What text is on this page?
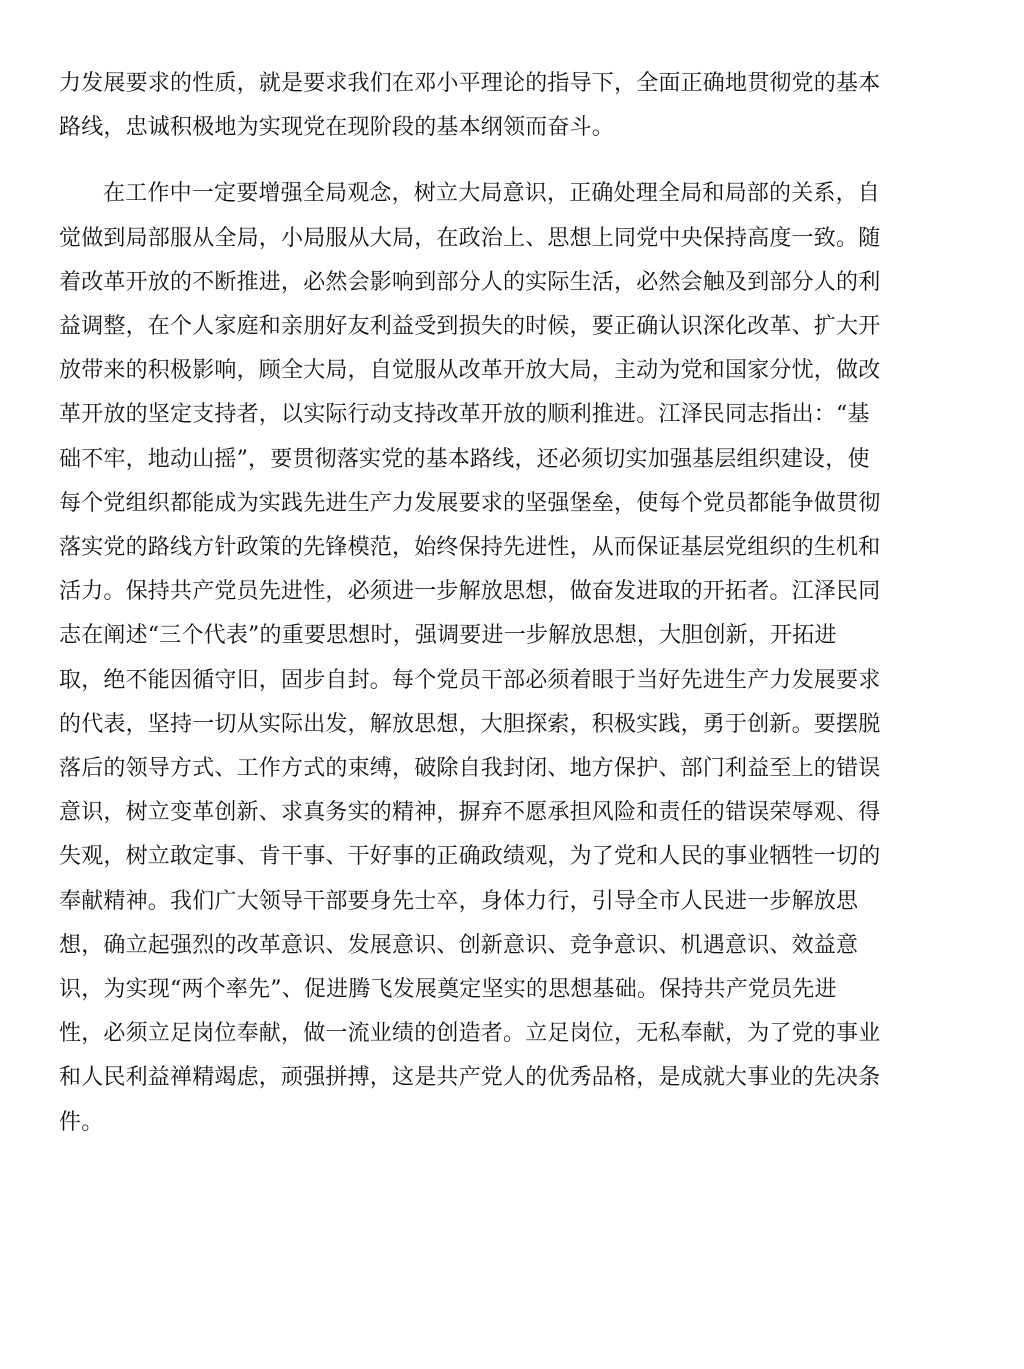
力发展要求的性质，就是要求我们在邓小平理论的指导下，全面正确地贯彻党的基本
路线，忠诚积极地为实现党在现阶段的基本纲领而奋斗。

在工作中一定要增强全局观念，树立大局意识，正确处理全局和局部的关系，自
觉做到局部服从全局，小局服从大局，在政治上、思想上同党中央保持高度一致。随
着改革开放的不断推进，必然会影响到部分人的实际生活，必然会触及到部分人的利
益调整，在个人家庭和亲朋好友利益受到损失的时候，要正确认识深化改革、扩大开
放带来的积极影响，顾全大局，自觉服从改革开放大局，主动为党和国家分忧，做改
革开放的坚定支持者，以实际行动支持改革开放的顺利推进。江泽民同志指出：“基
础不牢，地动山摇”，要贯彻落实党的基本路线，还必须切实加强基层组织建设，使
每个党组织都能成为实践先进生产力发展要求的坚强堡垒，使每个党员都能争做贯彻
落实党的路线方针政策的先锋模范，始终保持先进性，从而保证基层党组织的生机和
活力。保持共产党员先进性，必须进一步解放思想，做奋发进取的开拓者。江泽民同
志在阐述“三个代表”的重要思想时，强调要进一步解放思想，大胆创新，开拓进
取，绝不能因循守旧，固步自封。每个党员干部必须着眼于当好先进生产力发展要求
的代表，坚持一切从实际出发，解放思想，大胆探索，积极实践，勇于创新。要摆脱
落后的领导方式、工作方式的束缚，破除自我封闭、地方保护、部门利益至上的错误
意识，树立变革创新、求真务实的精神，摒弃不愿承担风险和责任的错误荣辱观、得
失观，树立敢定事、肯干事、干好事的正确政绩观，为了党和人民的事业牺牲一切的
奉献精神。我们广大领导干部要身先士卒，身体力行，引导全市人民进一步解放思
想，确立起强烈的改革意识、发展意识、创新意识、竞争意识、机遇意识、效益意
识，为实现“两个率先”、促进腾飞发展奠定坚实的思想基础。保持共产党员先进
性，必须立足岗位奉献，做一流业绩的创造者。立足岗位，无私奉献，为了党的事业
和人民利益禅精竭虑，顽强拼搏，这是共产党人的优秀品格，是成就大事业的先决条
件。
